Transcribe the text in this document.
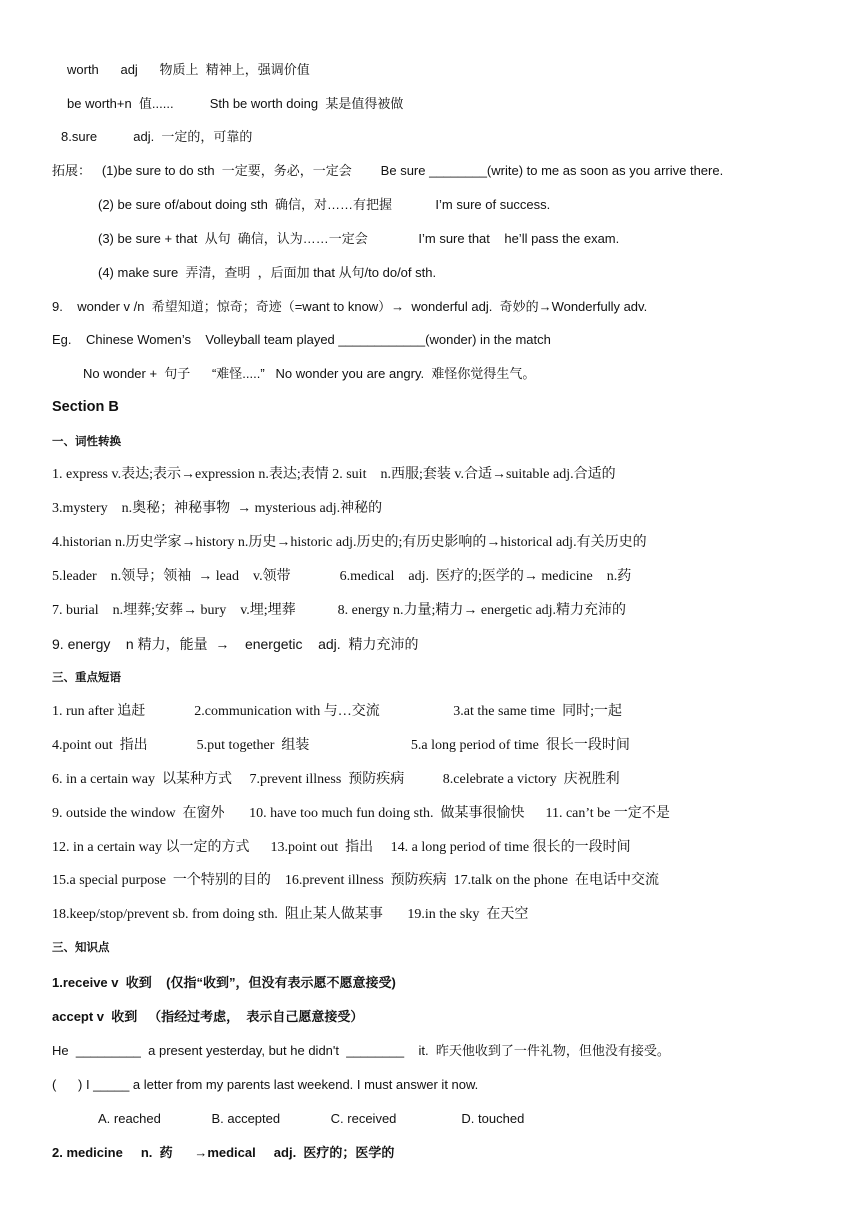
worth      adj      物质上  精神上，强调价值
be worth+n  值......          Sth be worth doing  某是值得被做
8.sure          adj.  一定的，可靠的
拓展：   (1)be sure to do sth  一定要，务必，一定会        Be sure ________(write) to me as soon as you arrive there.
(2) be sure of/about doing sth  确信，对……有把握            I’m sure of success.
(3) be sure + that  从句  确信，认为……一定会              I’m sure that    he’ll pass the exam.
(4) make sure  弄清，查明  ，后面加 that 从句/to do/of sth.
9.    wonder v /n  希望知道；惊奇；奇迹（=want to know）→  wonderful adj.  奇妙的→Wonderfully adv.
Eg.    Chinese Women’s    Volleyball team played ____________(wonder) in the match
No wonder +  句子      “难怪.....”   No wonder you are angry.  难怪你觉得生气。
Section B
一、词性转换
1. express v.表达;表示→expression n.表达;表情 2. suit    n.西服;套装 v.合适→suitable adj.合适的
3.mystery    n.奥秘；神秘事物  → mysterious adj.神秘的
4.historian n.历史学家→history n.历史→historic adj.历史的;有历史影响的→historical adj.有关历史的
5.leader    n.领导；领袖  → lead    v.领带              6.medical    adj.  医疗的;医学的→ medicine    n.药
7. burial    n.埋葬;安葬→ bury    v.埋;埋葬            8. energy n.力量;精力→ energetic adj.精力充沛的
9. energy    n 精力，能量  →    energetic    adj.  精力充沛的
三、重点短语
1. run after 追赶              2.communication with 与…交流                     3.at the same time  同时;一起
4.point out  指出              5.put together  组装                             5.a long period of time  很长一段时间
6. in a certain way  以某种方式     7.prevent illness  预防疾病           8.celebrate a victory  庆祝胜利
9. outside the window  在窗外       10. have too much fun doing sth.  做某事很愉快      11. can’t be 一定不是
12. in a certain way 以一定的方式      13.point out  指出     14. a long period of time 很长的一段时间
15.a special purpose  一个特别的目的    16.prevent illness  预防疾病  17.talk on the phone  在电话中交流
18.keep/stop/prevent sb. from doing sth.  阻止某人做某事       19.in the sky  在天空
三、知识点
1.receive v  收到    (仅指“收到”，但没有表示愿不愿意接受)
accept v  收到   （指经过考虑，  表示自己愿意接受）
He  _________  a present yesterday, but he didn't  ________    it.  昨天他收到了一件礼物，但他没有接受。
(      ) I _____ a letter from my parents last weekend. I must answer it now.
A. reached              B. accepted              C. received                  D. touched
2. medicine     n.  药      →medical     adj.  医疗的；医学的
